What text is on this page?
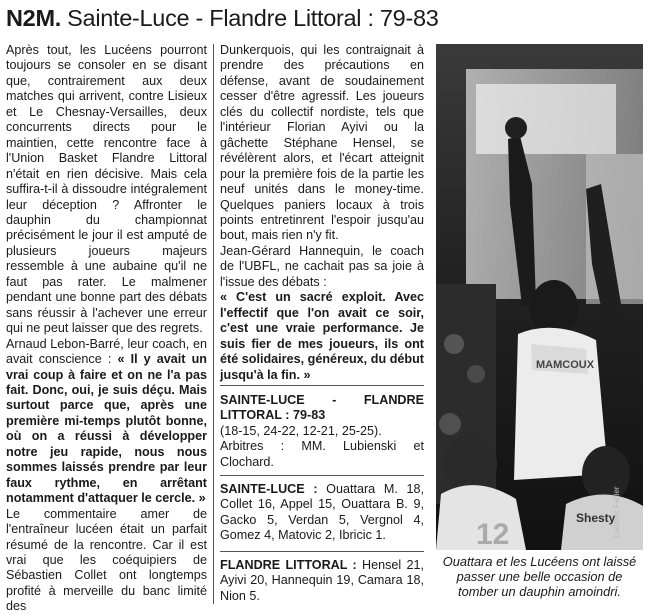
N2M. Sainte-Luce - Flandre Littoral : 79-83

Après tout, les Lucéens pourront toujours se consoler en se disant que, contrairement aux deux matches qui arrivent, contre Lisieux et Le Chesnay-Versailles, deux concurrents directs pour le maintien, cette rencontre face à l'Union Basket Flandre Littoral n'était en rien décisive. Mais cela suffira-t-il à dissoudre intégralement leur déception ? Affronter le dauphin du championnat précisément le jour il est amputé de plusieurs joueurs majeurs ressemble à une aubaine qu'il ne faut pas rater. Le malmener pendant une bonne part des débats sans réussir à l'achever une erreur qui ne peut laisser que des regrets.

Arnaud Lebon-Barré, leur coach, en avait conscience : « Il y avait un vrai coup à faire et on ne l'a pas fait. Donc, oui, je suis déçu. Mais surtout parce que, après une première mi-temps plutôt bonne, où on a réussi à développer notre jeu rapide, nous nous sommes laissés prendre par leur faux rythme, en arrêtant notamment d'attaquer le cercle. »

Le commentaire amer de l'entraîneur lucéen était un parfait résumé de la rencontre. Car il est vrai que les coéquipiers de Sébastien Collet ont longtemps profité à merveille du banc limité des

Dunkerquois, qui les contraignait à prendre des précautions en défense, avant de soudainement cesser d'être agressif. Les joueurs clés du collectif nordiste, tels que l'intérieur Florian Ayivi ou la gâchette Stéphane Hensel, se révélèrent alors, et l'écart atteignit pour la première fois de la partie les neuf unités dans le money-time. Quelques paniers locaux à trois points entretinrent l'espoir jusqu'au bout, mais rien n'y fit.

Jean-Gérard Hannequin, le coach de l'UBFL, ne cachait pas sa joie à l'issue des débats :

« C'est un sacré exploit. Avec l'effectif que l'on avait ce soir, c'est une vraie performance. Je suis fier de mes joueurs, ils ont été solidaires, généreux, du début jusqu'à la fin. »

SAINTE-LUCE - FLANDRE LITTORAL : 79-83

(18-15, 24-22, 12-21, 25-25).

Arbitres : MM. Lubienski et Clochard.

SAINTE-LUCE : Ouattara M. 18, Collet 16, Appel 15, Ouattara B. 9, Gacko 5, Verdan 5, Vergnol 4, Gomez 4, Matovic 2, Ibricic 1.

FLANDRE LITTORAL : Hensel 21, Ayivi 20, Hannequin 19, Camara 18, Nion 5.

MAMCOUX
12	Shesty
Ludovic Fallier
Ouattara et les Lucéens ont laissé passer une belle occasion de tomber un dauphin amoindri.
